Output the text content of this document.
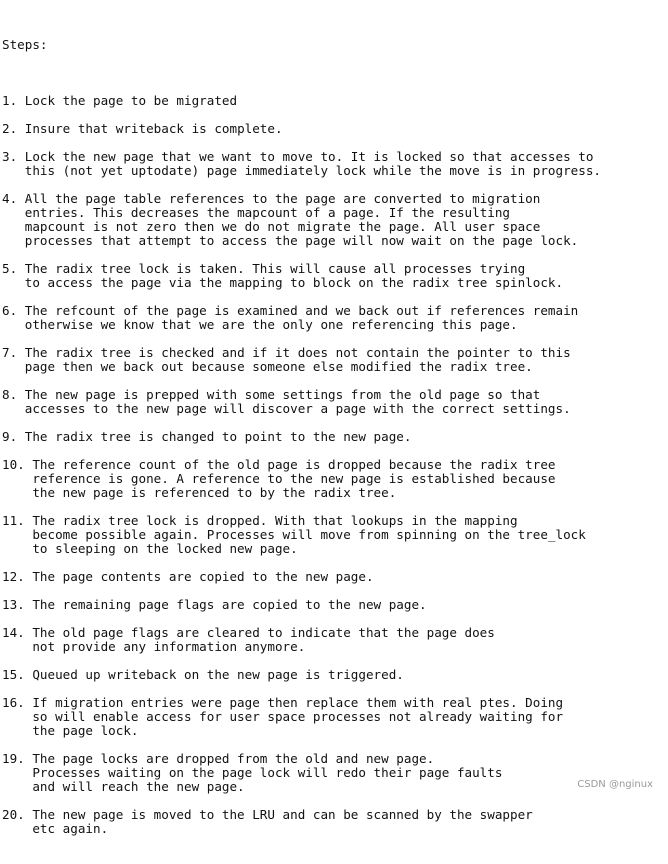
Steps:

1.
Lock the page to be migrated
2.
Insure that writeback is complete.
3.
Lock the new page that we want to move to. It is locked so that accesses to
this (not yet uptodate) page immediately lock while the move is in progress.
4.
All the page table references to the page are converted to migration
entries. This decreases the mapcount of a page. If the resulting
mapcount is not zero then we do not migrate the page. All user space
processes that attempt to access the page will now wait on the page lock.
5.
The radix tree lock is taken. This will cause all processes trying
to access the page via the mapping to block on the radix tree spinlock.
6.
The refcount of the page is examined and we back out if references remain
otherwise we know that we are the only one referencing this page.
7.
The radix tree is checked and if it does not contain the pointer to this
page then we back out because someone else modified the radix tree.
8.
The new page is prepped with some settings from the old page so that
accesses to the new page will discover a page with the correct settings.
9.
The radix tree is changed to point to the new page.
10.
The reference count of the old page is dropped because the radix tree
reference is gone. A reference to the new page is established because
the new page is referenced to by the radix tree.
11.
The radix tree lock is dropped. With that lookups in the mapping
become possible again. Processes will move from spinning on the tree_lock
to sleeping on the locked new page.
12.
The page contents are copied to the new page.
13.
The remaining page flags are copied to the new page.
14.
The old page flags are cleared to indicate that the page does
not provide any information anymore.
15.
Queued up writeback on the new page is triggered.
16.
If migration entries were page then replace them with real ptes. Doing
so will enable access for user space processes not already waiting for
the page lock.
19.
The page locks are dropped from the old and new page.
Processes waiting on the page lock will redo their page faults
and will reach the new page.
20.
The new page is moved to the LRU and can be scanned by the swapper
etc again.

CSDN @nginux
